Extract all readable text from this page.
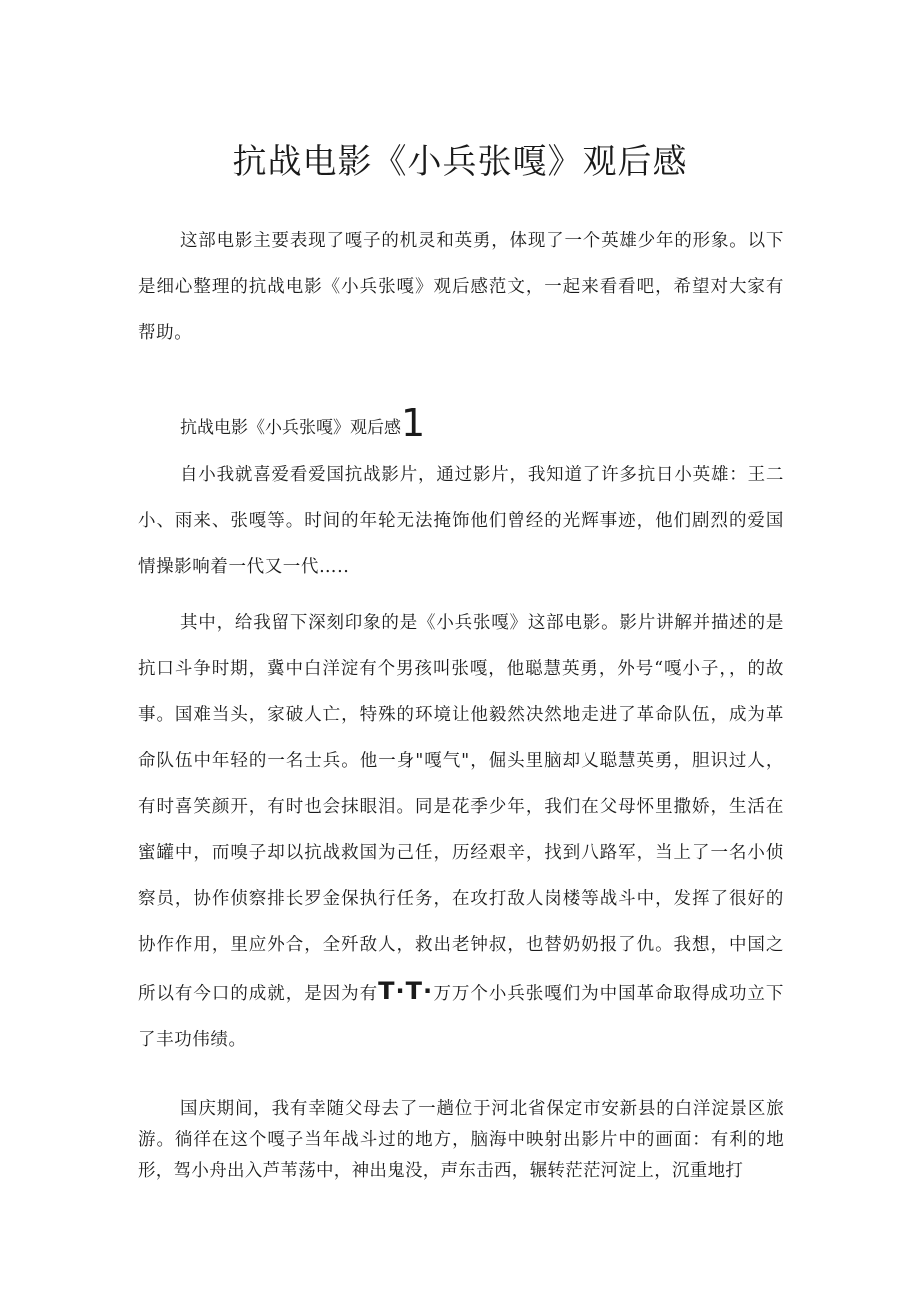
抗战电影《小兵张嘎》观后感

这部电影主要表现了嘎子的机灵和英勇，体现了一个英雄少年的形象。以下是细心整理的抗战电影《小兵张嘎》观后感范文，一起来看看吧，希望对大家有帮助。

抗战电影《小兵张嘎》观后感1

自小我就喜爱看爱国抗战影片，通过影片，我知道了许多抗日小英雄：王二小、雨来、张嘎等。时间的年轮无法掩饰他们曾经的光辉事迹，他们剧烈的爱国情操影响着一代又一代…..

其中，给我留下深刻印象的是《小兵张嘎》这部电影。影片讲解并描述的是抗口斗争时期，冀中白洋淀有个男孩叫张嘎，他聪慧英勇，外号“嘎小子，，的故事。国难当头，家破人亡，特殊的环境让他毅然决然地走进了革命队伍，成为革命队伍中年轻的一名士兵。他一身"嘎气"，倔头里脑却乂聪慧英勇，胆识过人，有时喜笑颜开，有时也会抹眼泪。同是花季少年，我们在父母怀里撒娇，生活在蜜罐中，而嗅子却以抗战救国为己任，历经艰辛，找到八路军，当上了一名小侦察员，协作侦察排长罗金保执行任务，在攻打敌人岗楼等战斗中，发挥了很好的协作作用，里应外合，全歼敌人，救出老钟叔，也替奶奶报了仇。我想，中国之所以有今口的成就，是因为有T·T·万万个小兵张嘎们为中国革命取得成功立下了丰功伟绩。

国庆期间，我有幸随父母去了一趟位于河北省保定市安新县的白洋淀景区旅游。徜徉在这个嘎子当年战斗过的地方，脑海中映射出影片中的画面：有利的地形，驾小舟出入芦苇荡中，神出鬼没，声东击西，辗转茫茫河淀上，沉重地打
